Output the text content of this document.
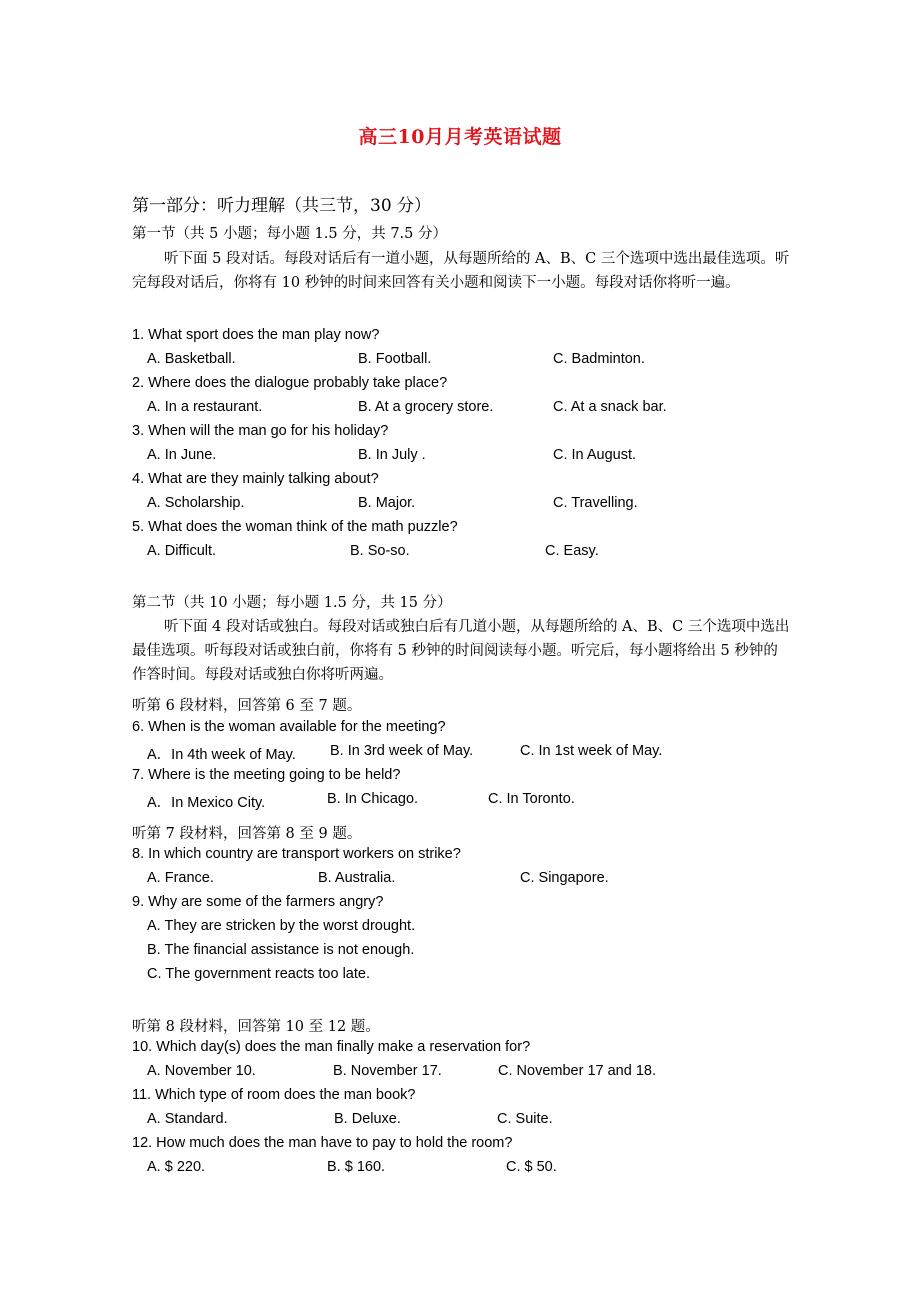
高三10月月考英语试题
第一部分：听力理解（共三节，30 分）
第一节（共 5 小题；每小题 1.5 分，共 7.5 分）
听下面 5 段对话。每段对话后有一道小题，从每题所给的 A、B、C 三个选项中选出最佳选项。听完每段对话后，你将有 10 秒钟的时间来回答有关小题和阅读下一小题。每段对话你将听一遍。
1. What sport does the man play now?
A. Basketball.	B. Football.	C. Badminton.
2. Where does the dialogue probably take place?
A. In a restaurant.	B. At a grocery store.	C. At a snack bar.
3. When will the man go for his holiday?
A. In June.	B. In July .	C. In August.
4. What are they mainly talking about?
A. Scholarship.	B. Major.	C. Travelling.
5. What does the woman think of the math puzzle?
A. Difficult.	B. So-so.	C. Easy.
第二节（共 10 小题；每小题 1.5 分，共 15 分）
听下面 4 段对话或独白。每段对话或独白后有几道小题，从每题所给的 A、B、C 三个选项中选出最佳选项。听每段对话或独白前，你将有 5 秒钟的时间阅读每小题。听完后，每小题将给出 5 秒钟的作答时间。每段对话或独白你将听两遍。
听第 6 段材料，回答第 6 至 7 题。
6. When is the woman available for the meeting?
A．In 4th week of May. B. In 3rd week of May.	C. In 1st week of May.
7. Where is the meeting going to be held?
A．In Mexico City.	B. In Chicago.	C. In Toronto.
听第 7 段材料，回答第 8 至 9 题。
8. In which country are transport workers on strike?
A. France.	B. Australia.	C. Singapore.
9. Why are some of the farmers angry?
A. They are stricken by the worst drought.
B. The financial assistance is not enough.
C. The government reacts too late.
听第 8 段材料，回答第 10 至 12 题。
10. Which day(s) does the man finally make a reservation for?
A. November 10.	B. November 17.	C. November 17 and 18.
11. Which type of room does the man book?
A. Standard.	B. Deluxe.	C. Suite.
12. How much does the man have to pay to hold the room?
A. $ 220.	B. $ 160.	C. $ 50.
